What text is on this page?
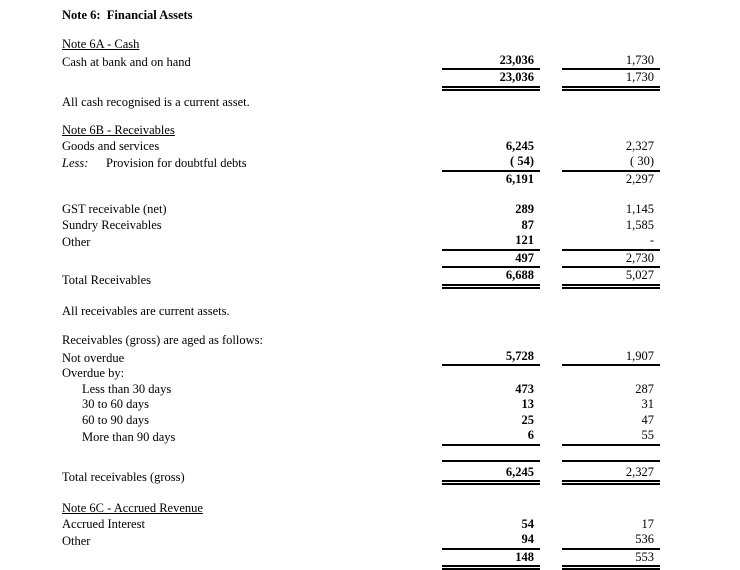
Note 6:  Financial Assets
Note 6A - Cash
Cash at bank and on hand	23,036	1,730
23,036	1,730
All cash recognised is a current asset.
Note 6B - Receivables
Goods and services	6,245	2,327
Less: Provision for doubtful debts	( 54)	( 30)
6,191	2,297
GST receivable (net)	289	1,145
Sundry Receivables	87	1,585
Other	121	-
497	2,730
Total Receivables	6,688	5,027
All receivables are current assets.
Receivables (gross) are aged as follows:
Not overdue	5,728	1,907
Overdue by:
Less than 30 days	473	287
30 to 60 days	13	31
60 to 90 days	25	47
More than 90 days	6	55
Total receivables (gross)	6,245	2,327
Note 6C - Accrued Revenue
Accrued Interest	54	17
Other	94	536
148	553
